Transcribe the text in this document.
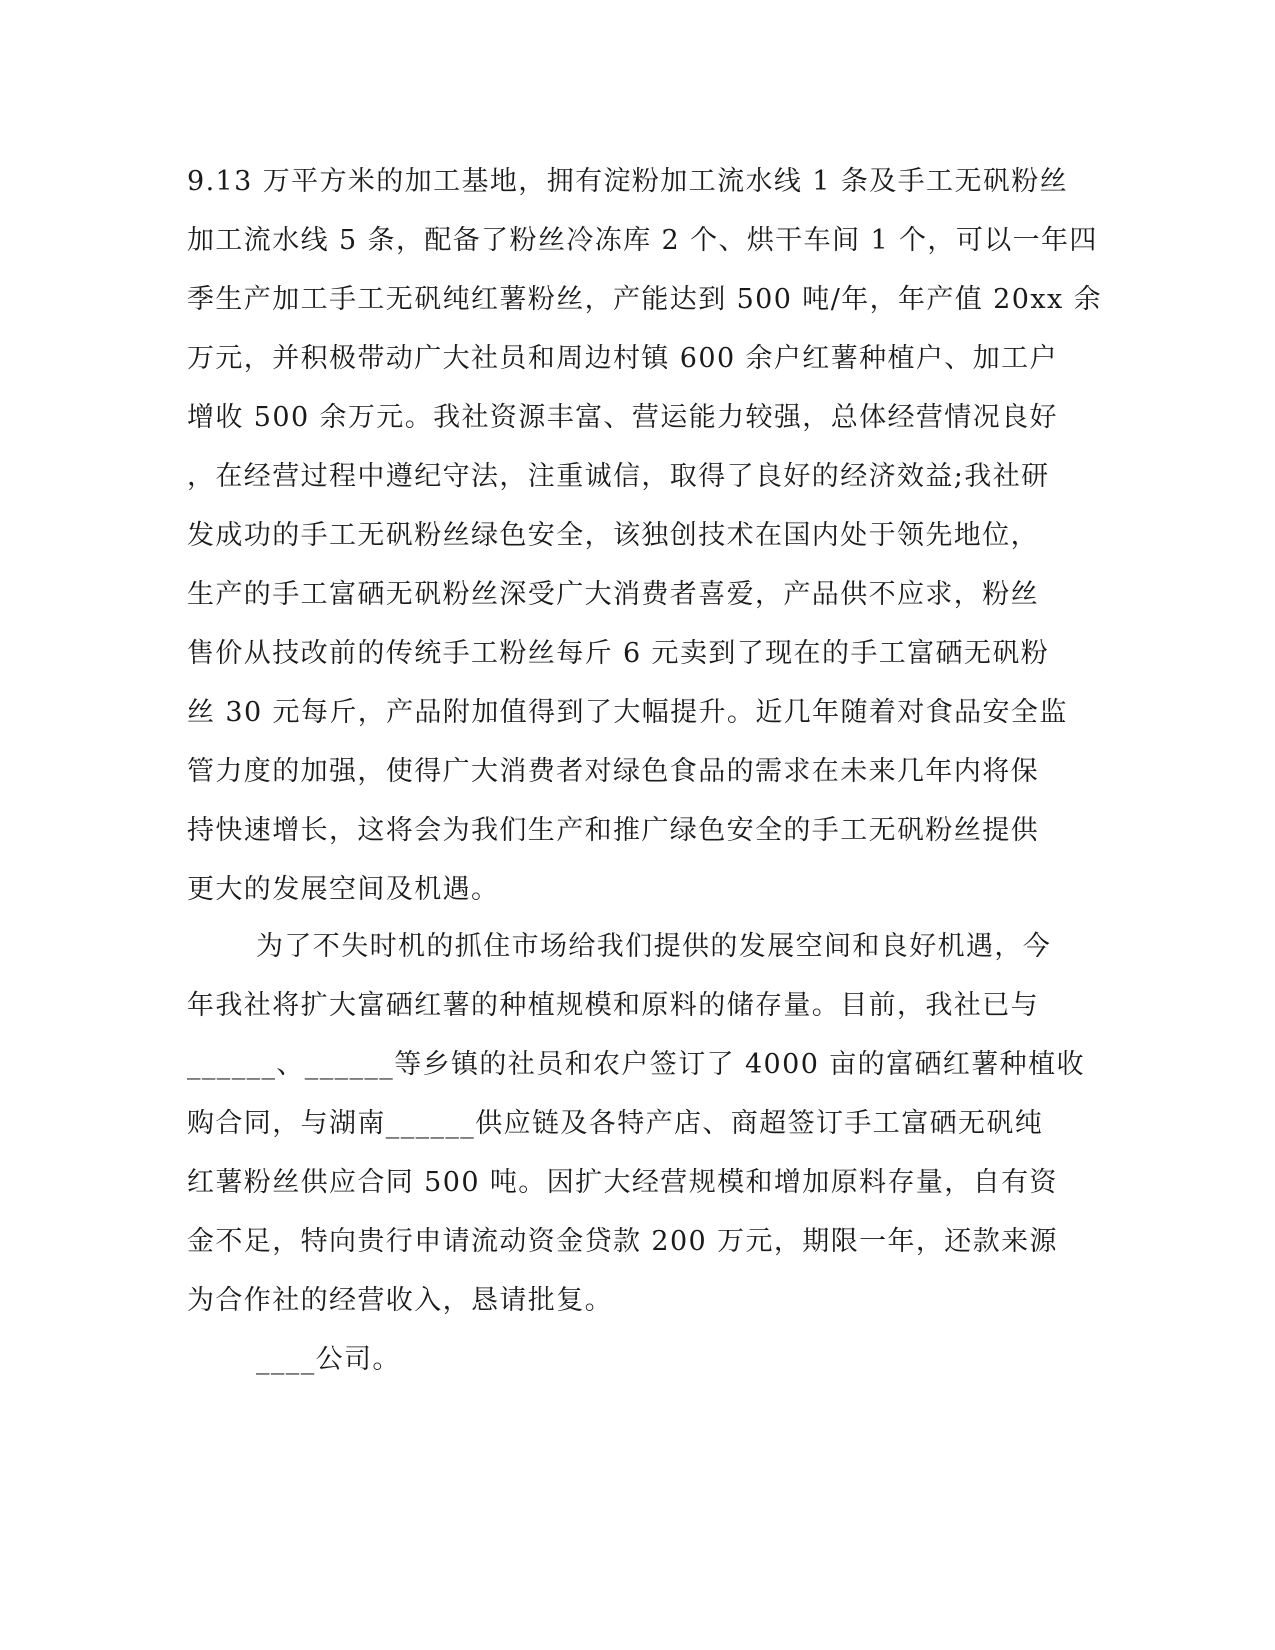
9.13 万平方米的加工基地，拥有淀粉加工流水线 1 条及手工无矾粉丝
加工流水线 5 条，配备了粉丝冷冻库 2 个、烘干车间 1 个，可以一年四
季生产加工手工无矾纯红薯粉丝，产能达到 500 吨/年，年产值 20xx 余
万元，并积极带动广大社员和周边村镇 600 余户红薯种植户、加工户
增收 500 余万元。我社资源丰富、营运能力较强，总体经营情况良好
，在经营过程中遵纪守法，注重诚信，取得了良好的经济效益;我社研
发成功的手工无矾粉丝绿色安全，该独创技术在国内处于领先地位，
生产的手工富硒无矾粉丝深受广大消费者喜爱，产品供不应求，粉丝
售价从技改前的传统手工粉丝每斤 6 元卖到了现在的手工富硒无矾粉
丝 30 元每斤，产品附加值得到了大幅提升。近几年随着对食品安全监
管力度的加强，使得广大消费者对绿色食品的需求在未来几年内将保
持快速增长，这将会为我们生产和推广绿色安全的手工无矾粉丝提供
更大的发展空间及机遇。
为了不失时机的抓住市场给我们提供的发展空间和良好机遇，今
年我社将扩大富硒红薯的种植规模和原料的储存量。目前，我社已与
______、______等乡镇的社员和农户签订了 4000 亩的富硒红薯种植收
购合同，与湖南______供应链及各特产店、商超签订手工富硒无矾纯
红薯粉丝供应合同 500 吨。因扩大经营规模和增加原料存量，自有资
金不足，特向贵行申请流动资金贷款 200 万元，期限一年，还款来源
为合作社的经营收入，恳请批复。
____公司。
